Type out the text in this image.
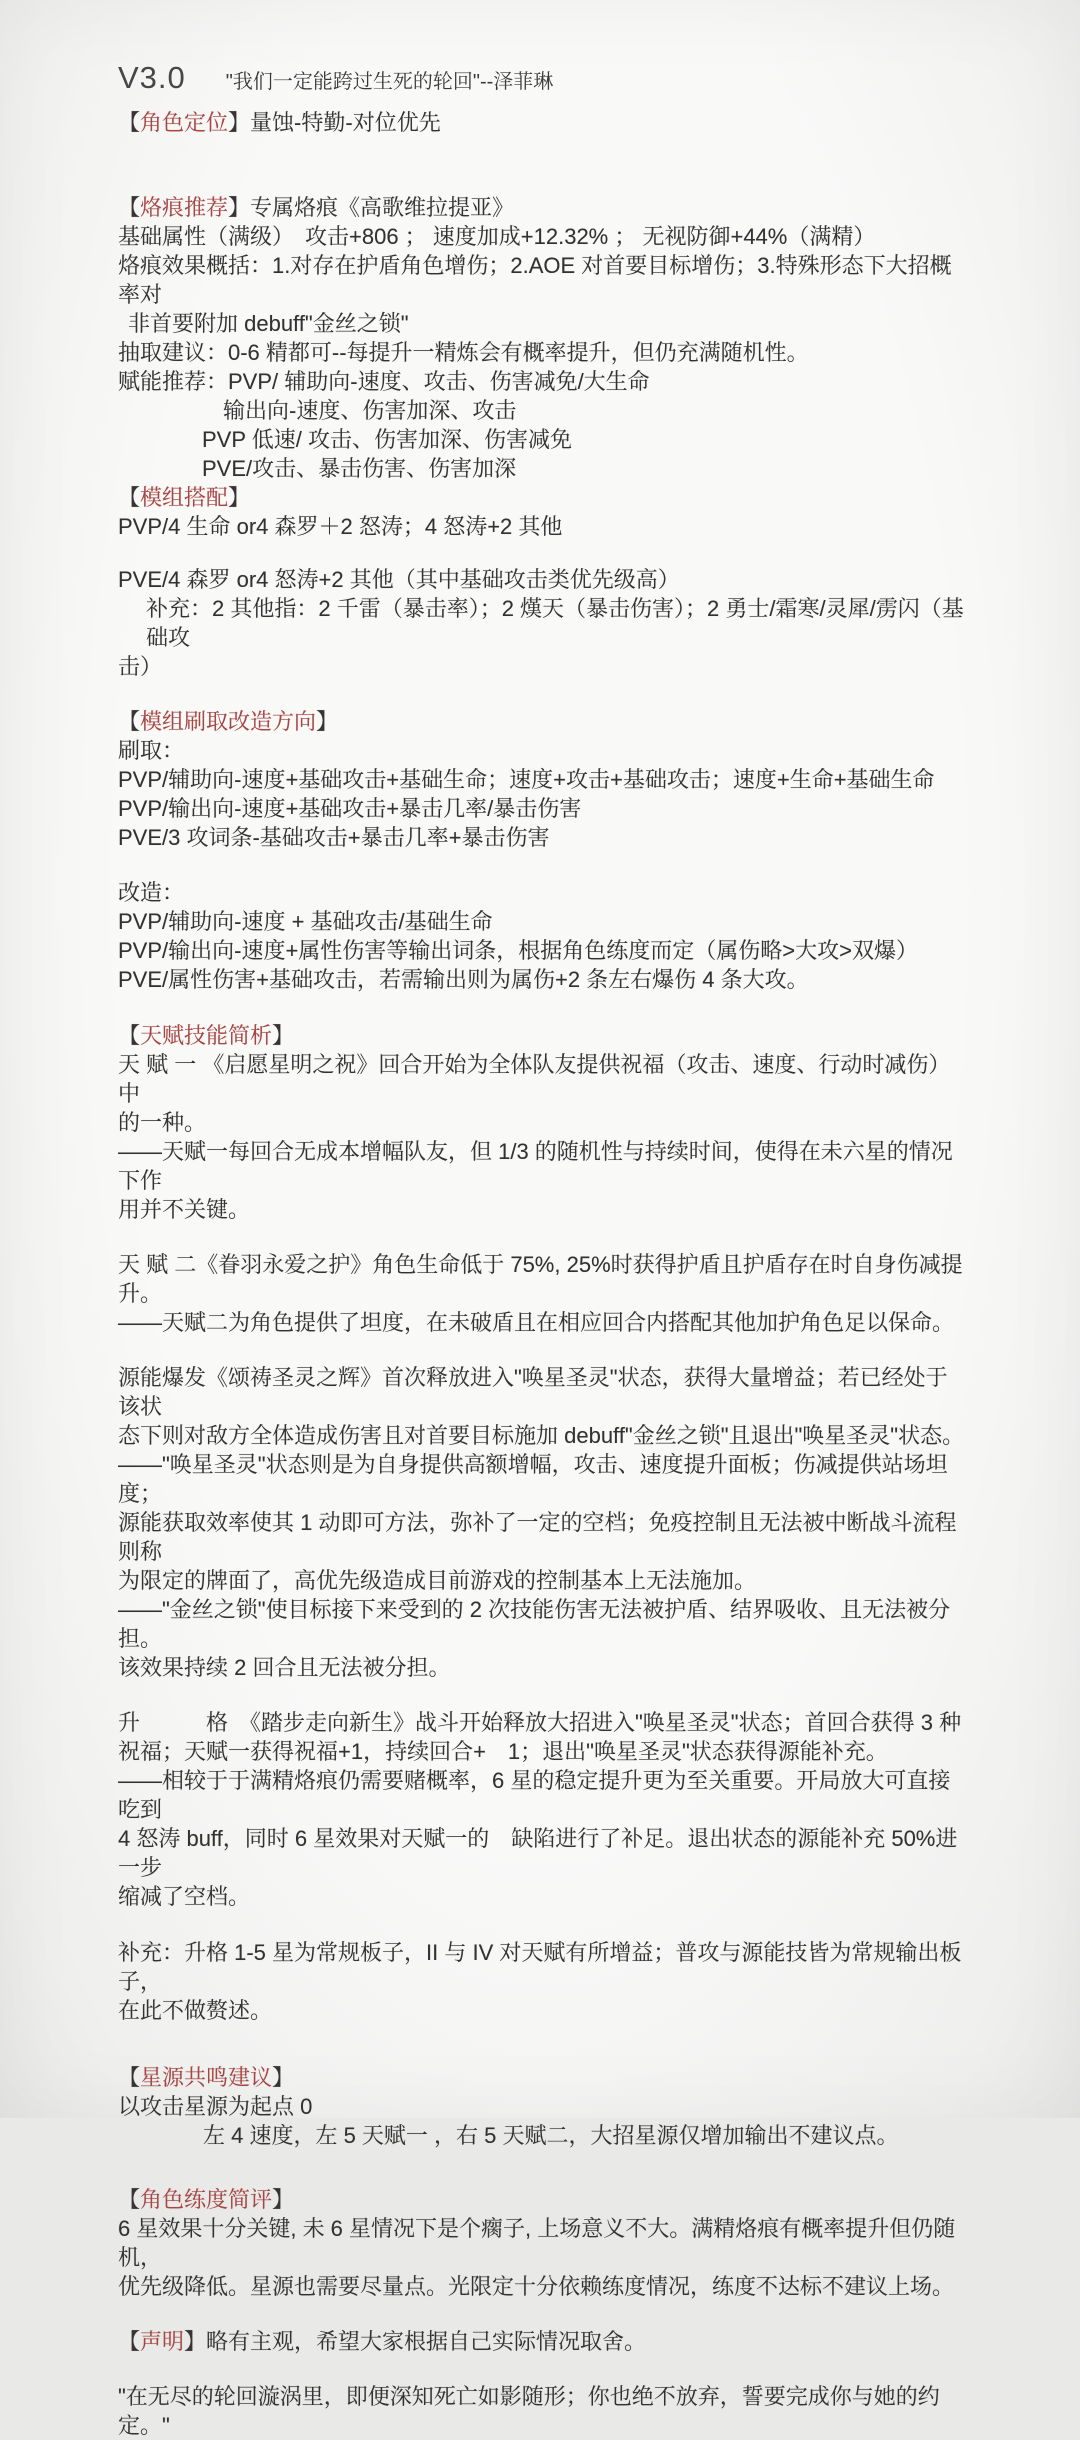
V3.0 "我们一定能跨过生死的轮回"--泽菲琳
【角色定位】量蚀-特勤-对位优先
【烙痕推荐】专属烙痕《高歌维拉提亚》
基础属性（满级）　攻击+806 ； 速度加成+12.32% ； 无视防御+44%（满精）
烙痕效果概括：1.对存在护盾角色增伤；2.AOE 对首要目标增伤；3.特殊形态下大招概率对
非首要附加 debuff"金丝之锁"
抽取建议：0-6 精都可--每提升一精炼会有概率提升，但仍充满随机性。
赋能推荐：PVP/ 辅助向-速度、攻击、伤害减免/大生命
输出向-速度、伤害加深、攻击
PVP 低速/ 攻击、伤害加深、伤害减免
PVE/攻击、暴击伤害、伤害加深
【模组搭配】
PVP/4 生命 or4 森罗＋2 怒涛；4 怒涛+2 其他
PVE/4 森罗 or4 怒涛+2 其他（其中基础攻击类优先级高）
补充：2 其他指：2 千雷（暴击率）；2 熯天（暴击伤害）；2 勇士/霜寒/灵犀/雳闪（基础攻
击）
【模组刷取改造方向】
刷取：
PVP/辅助向-速度+基础攻击+基础生命；速度+攻击+基础攻击；速度+生命+基础生命
PVP/输出向-速度+基础攻击+暴击几率/暴击伤害
PVE/3 攻词条-基础攻击+暴击几率+暴击伤害
改造：
PVP/辅助向-速度 + 基础攻击/基础生命
PVP/输出向-速度+属性伤害等输出词条，根据角色练度而定（属伤略>大攻>双爆）
PVE/属性伤害+基础攻击，若需输出则为属伤+2 条左右爆伤 4 条大攻。
【天赋技能简析】
天 赋 一 《启愿星明之祝》回合开始为全体队友提供祝福（攻击、速度、行动时减伤）中
的一种。
——天赋一每回合无成本增幅队友，但 1/3 的随机性与持续时间，使得在未六星的情况下作
用并不关键。
天 赋 二《眷羽永爱之护》角色生命低于 75%, 25%时获得护盾且护盾存在时自身伤减提升。
——天赋二为角色提供了坦度，在未破盾且在相应回合内搭配其他加护角色足以保命。
源能爆发《颂祷圣灵之辉》首次释放进入"唤星圣灵"状态，获得大量增益；若已经处于该状
态下则对敌方全体造成伤害且对首要目标施加 debuff"金丝之锁"且退出"唤星圣灵"状态。
——"唤星圣灵"状态则是为自身提供高额增幅，攻击、速度提升面板；伤减提供站场坦度；
源能获取效率使其 1 动即可方法，弥补了一定的空档；免疫控制且无法被中断战斗流程则称
为限定的牌面了，高优先级造成目前游戏的控制基本上无法施加。
——"金丝之锁"使目标接下来受到的 2 次技能伤害无法被护盾、结界吸收、且无法被分担。
该效果持续 2 回合且无法被分担。
升　　　格　《踏步走向新生》战斗开始释放大招进入"唤星圣灵"状态；首回合获得 3 种
祝福；天赋一获得祝福+1，持续回合+　1；退出"唤星圣灵"状态获得源能补充。
——相较于于满精烙痕仍需要赌概率，6 星的稳定提升更为至关重要。开局放大可直接吃到
4 怒涛 buff，同时 6 星效果对天赋一的　缺陷进行了补足。退出状态的源能补充 50%进一步
缩减了空档。
补充：升格 1-5 星为常规板子，II 与 IV 对天赋有所增益；普攻与源能技皆为常规输出板子，
在此不做赘述。
【星源共鸣建议】
以攻击星源为起点 0
左 4 速度，左 5 天赋一 ，右 5 天赋二，大招星源仅增加输出不建议点。
【角色练度简评】
6 星效果十分关键, 未 6 星情况下是个瘸子, 上场意义不大。满精烙痕有概率提升但仍随机，
优先级降低。星源也需要尽量点。光限定十分依赖练度情况，练度不达标不建议上场。
【声明】略有主观，希望大家根据自己实际情况取舍。
"在无尽的轮回漩涡里，即便深知死亡如影随形；你也绝不放弃，誓要完成你与她的约定。"
